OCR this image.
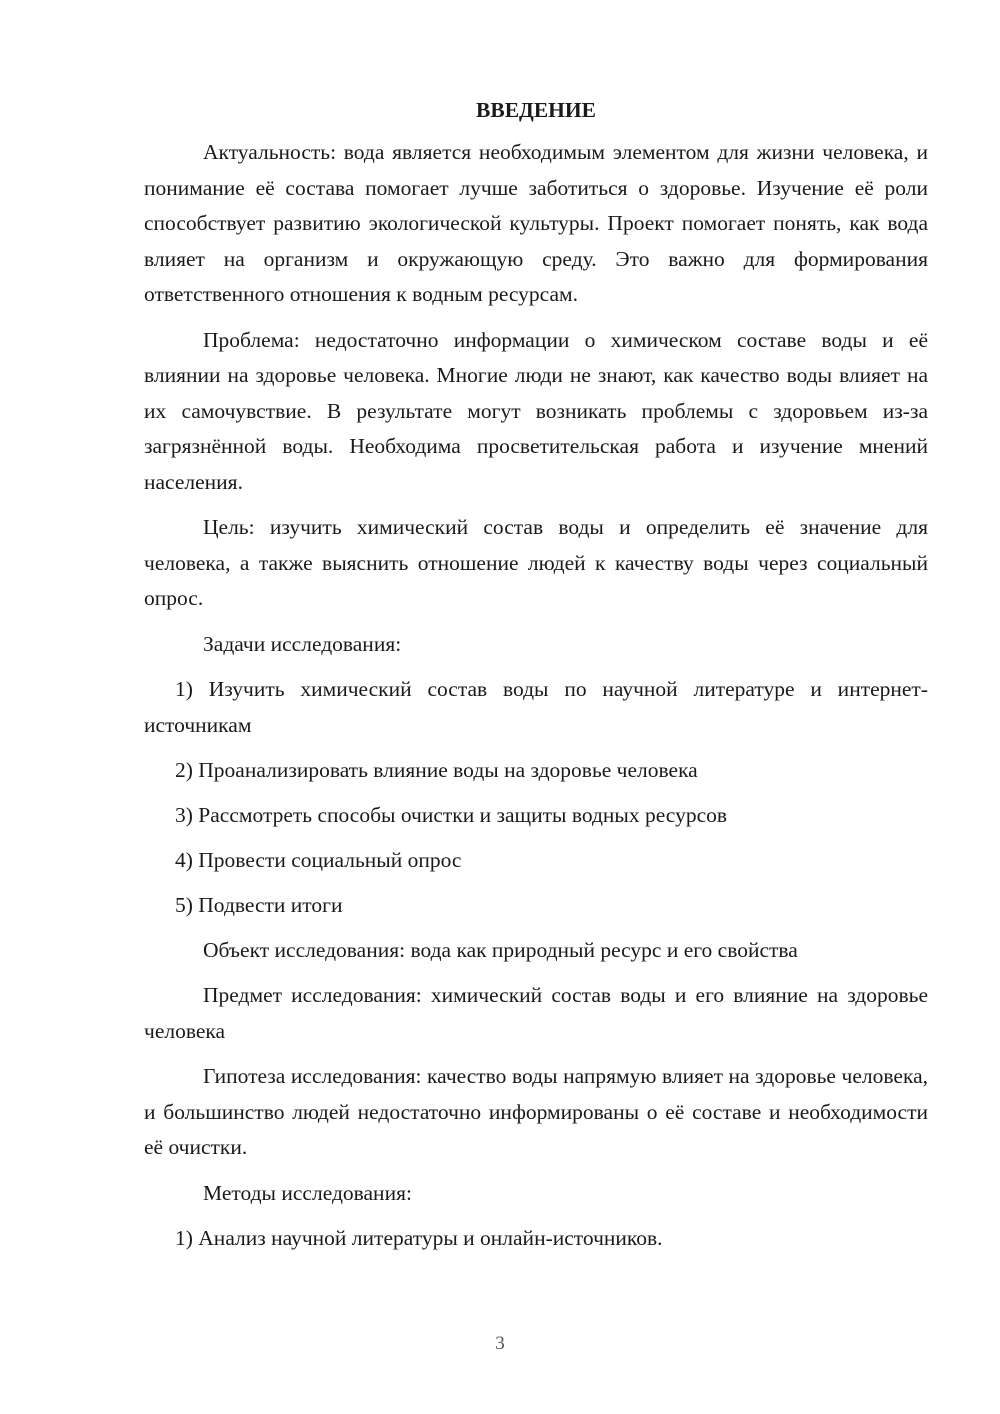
ВВЕДЕНИЕ

Актуальность: вода является необходимым элементом для жизни человека, и понимание её состава помогает лучше заботиться о здоровье. Изучение её роли способствует развитию экологической культуры. Проект помогает понять, как вода влияет на организм и окружающую среду. Это важно для формирования ответственного отношения к водным ресурсам.

Проблема: недостаточно информации о химическом составе воды и её влиянии на здоровье человека. Многие люди не знают, как качество воды влияет на их самочувствие. В результате могут возникать проблемы с здоровьем из-за загрязнённой воды. Необходима просветительская работа и изучение мнений населения.

Цель: изучить химический состав воды и определить её значение для человека, а также выяснить отношение людей к качеству воды через социальный опрос.

Задачи исследования:

1) Изучить химический состав воды по научной литературе и интернет-источникам

2) Проанализировать влияние воды на здоровье человека

3) Рассмотреть способы очистки и защиты водных ресурсов

4) Провести социальный опрос

5) Подвести итоги

Объект исследования: вода как природный ресурс и его свойства

Предмет исследования: химический состав воды и его влияние на здоровье человека

Гипотеза исследования: качество воды напрямую влияет на здоровье человека, и большинство людей недостаточно информированы о её составе и необходимости её очистки.

Методы исследования:

1) Анализ научной литературы и онлайн-источников.

3
